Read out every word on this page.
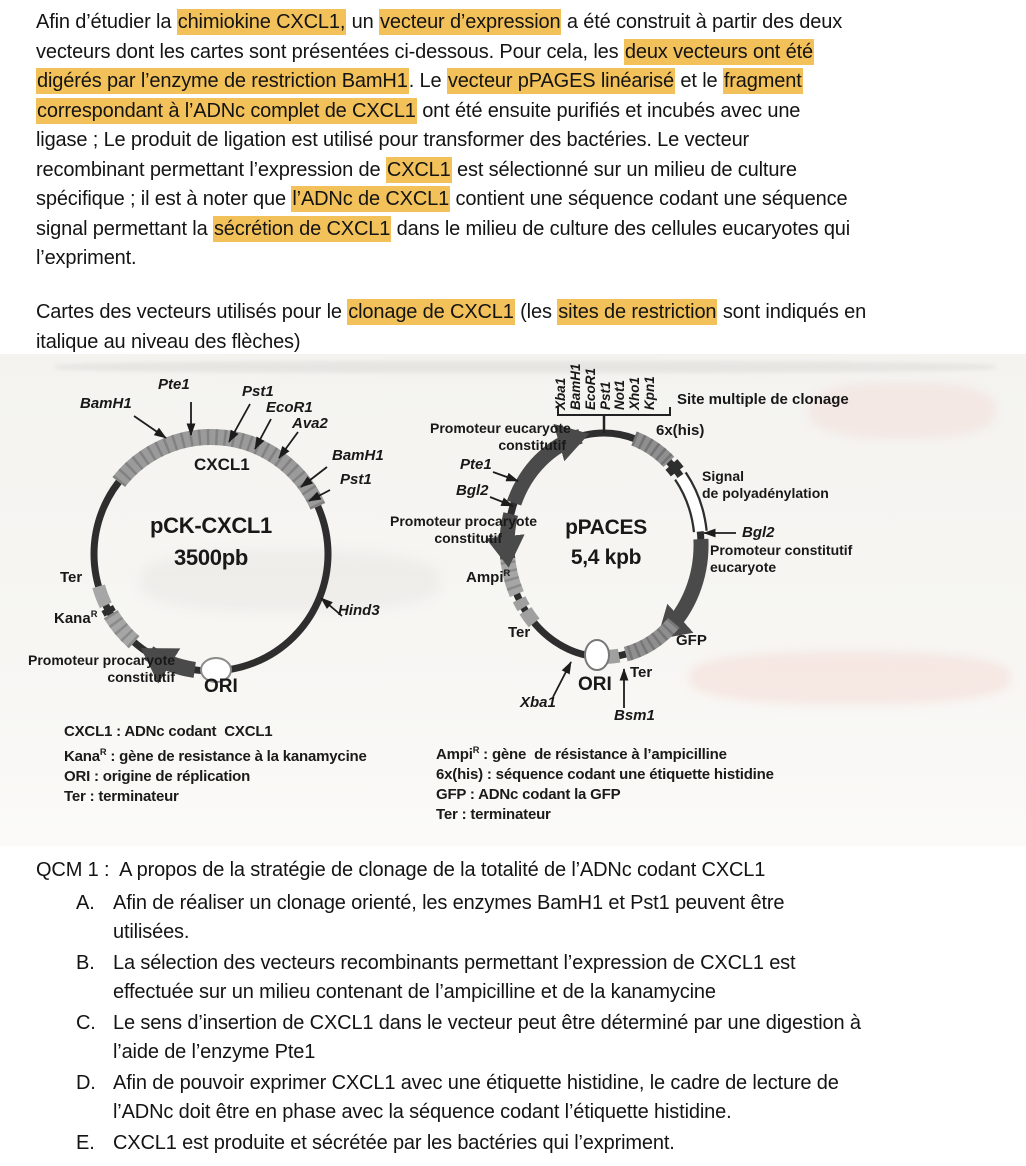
Afin d’étudier la chimiokine CXCL1, un vecteur d’expression a été construit à partir des deux
vecteurs dont les cartes sont présentées ci-dessous. Pour cela, les deux vecteurs ont été
digérés par l’enzyme de restriction BamH1. Le vecteur pPAGES linéarisé et le fragment
correspondant à l’ADNc complet de CXCL1 ont été ensuite purifiés et incubés avec une
ligase ; Le produit de ligation est utilisé pour transformer des bactéries. Le vecteur
recombinant permettant l’expression de CXCL1 est sélectionné sur un milieu de culture
spécifique ; il est à noter que l’ADNc de CXCL1 contient une séquence codant une séquence
signal permettant la sécrétion de CXCL1 dans le milieu de culture des cellules eucaryotes qui
l’expriment.
Cartes des vecteurs utilisés pour le clonage de CXCL1 (les sites de restriction sont indiqués en
italique au niveau des flèches)
Pte1
BamH1
Pst1
EcoR1
Ava2
CXCL1	BamH1
Pst1
pCK-CXCL1
3500pb
Ter
Kana$^R$	Hind3
Promoteur procaryote
constitutif ORI
Xba1 BamH1 EcoR1 Pst1 Not1 Xho1 Kpn1 Site multiple de clonage
Promoteur eucaryote
constitutif
6x(his)
Pte1
Bgl2
Signal
de polyadénylation
Promoteur procaryote
constitutif	pPACES
5,4 kpb
Bgl2
Promoteur constitutif
eucaryote
Ampi$^R$
Ter	GFP
ORI
Ter
Xba1
Bsm1
CXCL1 : ADNc codant  CXCL1
Kana$^R$ : gène de resistance à la kanamycine
ORI : origine de réplication
Ter : terminateur
Ampi$^R$ : gène  de résistance à l’ampicilline
6x(his) : séquence codant une étiquette histidine
GFP : ADNc codant la GFP
Ter : terminateur
QCM 1 :  A propos de la stratégie de clonage de la totalité de l’ADNc codant CXCL1
A. Afin de réaliser un clonage orienté, les enzymes BamH1 et Pst1 peuvent être
utilisées.
B. La sélection des vecteurs recombinants permettant l’expression de CXCL1 est
effectuée sur un milieu contenant de l’ampicilline et de la kanamycine
C. Le sens d’insertion de CXCL1 dans le vecteur peut être déterminé par une digestion à
l’aide de l’enzyme Pte1
D. Afin de pouvoir exprimer CXCL1 avec une étiquette histidine, le cadre de lecture de
l’ADNc doit être en phase avec la séquence codant l’étiquette histidine.
E. CXCL1 est produite et sécrétée par les bactéries qui l’expriment.
